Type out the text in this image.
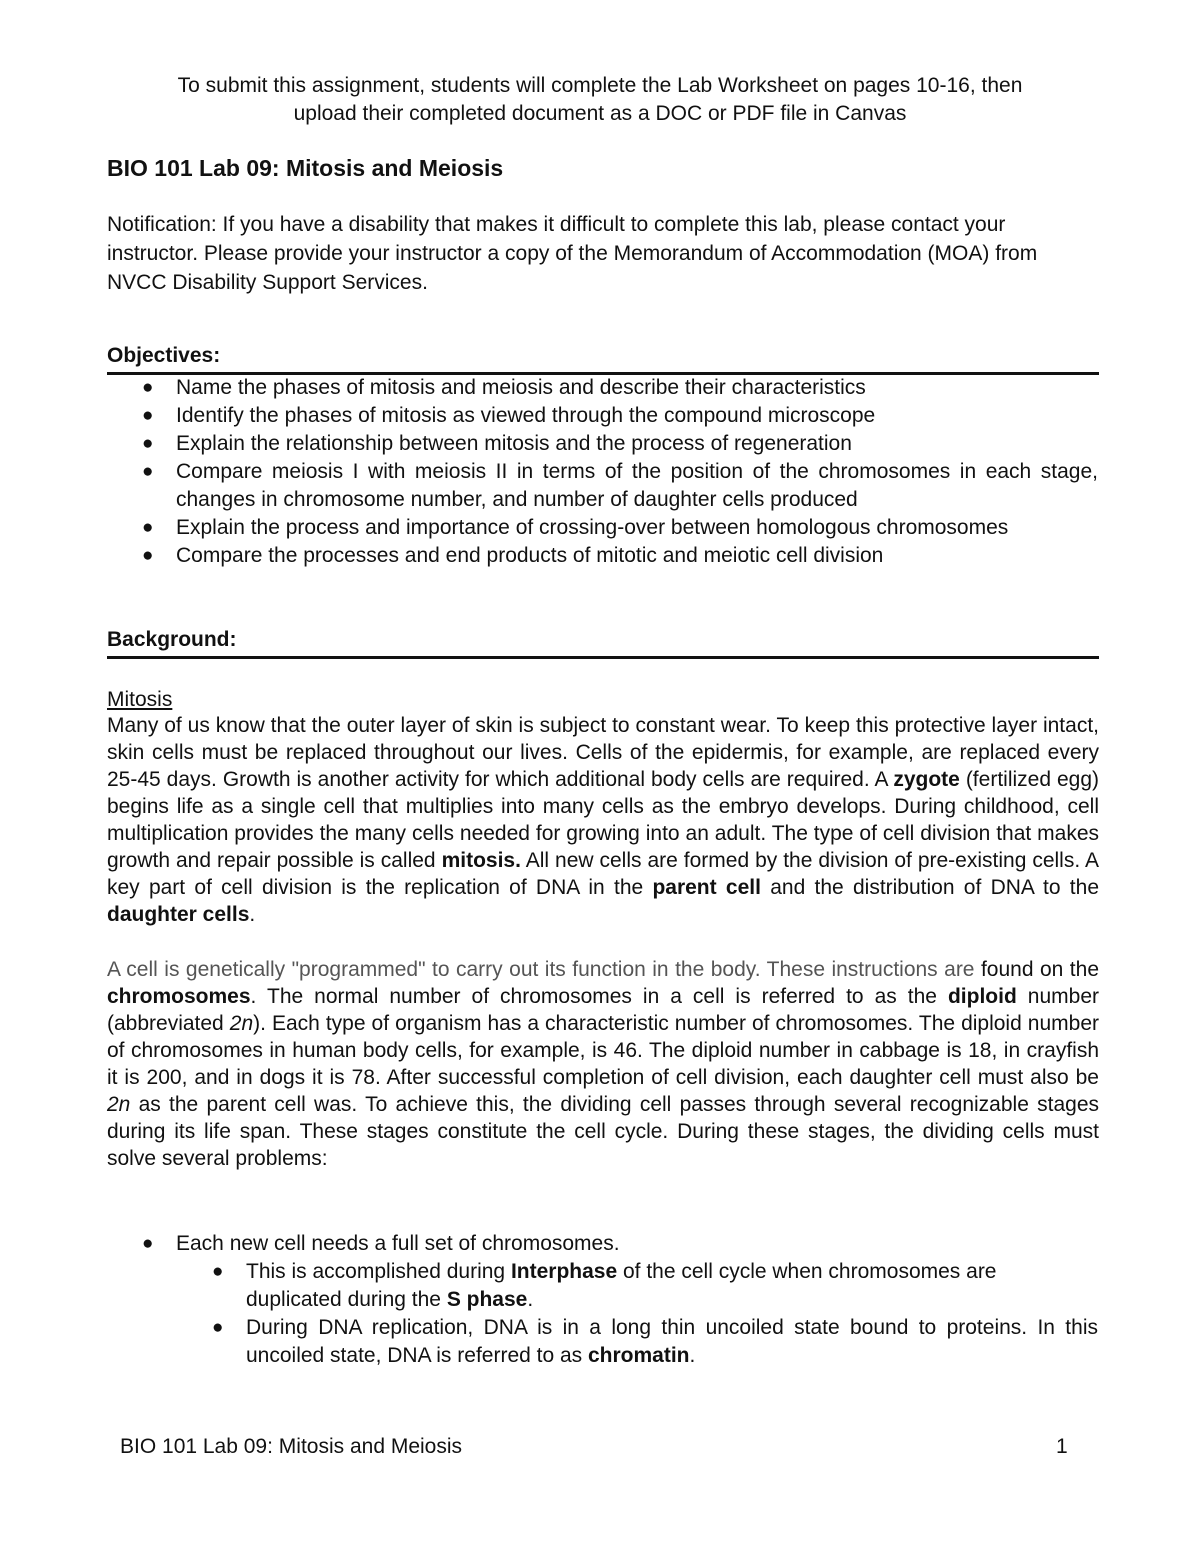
To submit this assignment, students will complete the Lab Worksheet on pages 10-16, then
upload their completed document as a DOC or PDF file in Canvas
BIO 101 Lab 09: Mitosis and Meiosis
Notification: If you have a disability that makes it difficult to complete this lab, please contact your instructor. Please provide your instructor a copy of the Memorandum of Accommodation (MOA) from NVCC Disability Support Services.
Objectives:
● Name the phases of mitosis and meiosis and describe their characteristics
● Identify the phases of mitosis as viewed through the compound microscope
● Explain the relationship between mitosis and the process of regeneration
● Compare meiosis I with meiosis II in terms of the position of the chromosomes in each stage, changes in chromosome number, and number of daughter cells produced
● Explain the process and importance of crossing-over between homologous chromosomes
● Compare the processes and end products of mitotic and meiotic cell division
Background:
Mitosis
Many of us know that the outer layer of skin is subject to constant wear. To keep this protective layer intact, skin cells must be replaced throughout our lives. Cells of the epidermis, for example, are replaced every 25-45 days. Growth is another activity for which additional body cells are required. A zygote (fertilized egg) begins life as a single cell that multiplies into many cells as the embryo develops. During childhood, cell multiplication provides the many cells needed for growing into an adult. The type of cell division that makes growth and repair possible is called mitosis. All new cells are formed by the division of pre-existing cells. A key part of cell division is the replication of DNA in the parent cell and the distribution of DNA to the daughter cells.
A cell is genetically "programmed" to carry out its function in the body. These instructions are found on the chromosomes. The normal number of chromosomes in a cell is referred to as the diploid number (abbreviated 2n). Each type of organism has a characteristic number of chromosomes. The diploid number of chromosomes in human body cells, for example, is 46. The diploid number in cabbage is 18, in crayfish it is 200, and in dogs it is 78. After successful completion of cell division, each daughter cell must also be 2n as the parent cell was. To achieve this, the dividing cell passes through several recognizable stages during its life span. These stages constitute the cell cycle. During these stages, the dividing cells must solve several problems:
● Each new cell needs a full set of chromosomes.
● This is accomplished during Interphase of the cell cycle when chromosomes are duplicated during the S phase.
● During DNA replication, DNA is in a long thin uncoiled state bound to proteins. In this uncoiled state, DNA is referred to as chromatin.
BIO 101 Lab 09: Mitosis and Meiosis	1
